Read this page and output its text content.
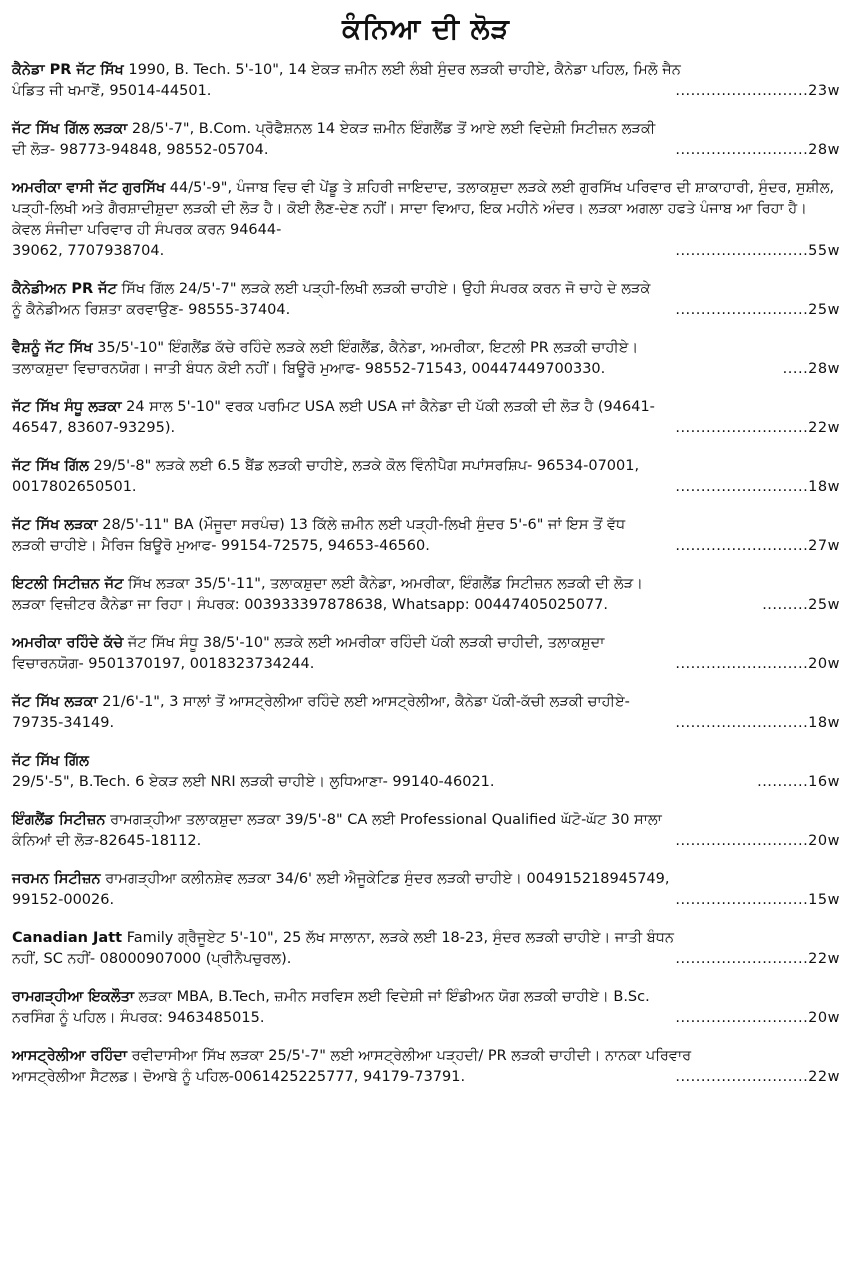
ਕੰਨਿਆ ਦੀ ਲੋੜ
ਕੈਨੇਡਾ PR ਜੱਟ ਸਿੱਖ 1990, B. Tech. 5'-10", 14 ਏਕੜ ਜ਼ਮੀਨ ਲਈ ਲੰਬੀ ਸੁੰਦਰ ਲੜਕੀ ਚਾਹੀਏ, ਕੈਨੇਡਾ ਪਹਿਲ, ਮਿਲੋ ਜੈਨ
ਪੰਡਿਤ ਜੀ ਖਮਾਣੋਂ, 95014-44501.	..........................23w
ਜੱਟ ਸਿੱਖ ਗਿੱਲ ਲੜਕਾ 28/5'-7", B.Com. ਪ੍ਰੋਫੈਸ਼ਨਲ 14 ਏਕੜ ਜ਼ਮੀਨ ਇੰਗਲੈਂਡ ਤੋਂ ਆਏ ਲਈ ਵਿਦੇਸ਼ੀ ਸਿਟੀਜ਼ਨ ਲੜਕੀ
ਦੀ ਲੋੜ- 98773-94848, 98552-05704.	..........................28w
ਅਮਰੀਕਾ ਵਾਸੀ ਜੱਟ ਗੁਰਸਿੱਖ 44/5'-9", ਪੰਜਾਬ ਵਿਚ ਵੀ ਪੇਂਡੂ ਤੇ ਸ਼ਹਿਰੀ ਜਾਇਦਾਦ, ਤਲਾਕਸ਼ੁਦਾ ਲੜਕੇ ਲਈ ਗੁਰਸਿੱਖ ਪਰਿਵਾਰ ਦੀ ਸ਼ਾਕਾਹਾਰੀ, ਸੁੰਦਰ, ਸੁਸ਼ੀਲ, ਪੜ੍ਹੀ-ਲਿਖੀ ਅਤੇ ਗੈਰਸ਼ਾਦੀਸ਼ੁਦਾ ਲੜਕੀ ਦੀ ਲੋੜ ਹੈ। ਕੋਈ ਲੈਣ-ਦੇਣ ਨਹੀਂ। ਸਾਦਾ ਵਿਆਹ, ਇਕ ਮਹੀਨੇ ਅੰਦਰ। ਲੜਕਾ ਅਗਲਾ ਹਫਤੇ ਪੰਜਾਬ ਆ ਰਿਹਾ ਹੈ। ਕੇਵਲ ਸੰਜੀਦਾ ਪਰਿਵਾਰ ਹੀ ਸੰਪਰਕ ਕਰਨ 94644-
39062, 7707938704.	..........................55w
ਕੈਨੇਡੀਅਨ PR ਜੱਟ ਸਿੱਖ ਗਿੱਲ 24/5'-7" ਲੜਕੇ ਲਈ ਪੜ੍ਹੀ-ਲਿਖੀ ਲੜਕੀ ਚਾਹੀਏ। ਉਹੀ ਸੰਪਰਕ ਕਰਨ ਜੋ ਚਾਹੇ ਦੇ ਲੜਕੇ
ਨੂੰ ਕੈਨੇਡੀਅਨ ਰਿਸ਼ਤਾ ਕਰਵਾਉਣ- 98555-37404.	..........................25w
ਵੈਸ਼ਨੂੰ ਜੱਟ ਸਿੱਖ 35/5'-10" ਇੰਗਲੈਂਡ ਕੱਚੇ ਰਹਿੰਦੇ ਲੜਕੇ ਲਈ ਇੰਗਲੈਂਡ, ਕੈਨੇਡਾ, ਅਮਰੀਕਾ, ਇਟਲੀ PR ਲੜਕੀ ਚਾਹੀਏ।
ਤਲਾਕਸ਼ੁਦਾ ਵਿਚਾਰਨਯੋਗ। ਜਾਤੀ ਬੰਧਨ ਕੋਈ ਨਹੀਂ। ਬਿਊਰੋ ਮੁਆਫ- 98552-71543, 00447449700330.	.....28w
ਜੱਟ ਸਿੱਖ ਸੰਧੂ ਲੜਕਾ 24 ਸਾਲ 5'-10" ਵਰਕ ਪਰਮਿਟ USA ਲਈ USA ਜਾਂ ਕੈਨੇਡਾ ਦੀ ਪੱਕੀ ਲੜਕੀ ਦੀ ਲੋੜ ਹੈ (94641-
46547, 83607-93295).	..........................22w
ਜੱਟ ਸਿੱਖ ਗਿੱਲ 29/5'-8" ਲੜਕੇ ਲਈ 6.5 ਬੈਂਡ ਲੜਕੀ ਚਾਹੀਏ, ਲੜਕੇ ਕੋਲ ਵਿੰਨੀਪੈਗ ਸਪਾਂਸਰਸ਼ਿਪ- 96534-07001,
0017802650501.	..........................18w
ਜੱਟ ਸਿੱਖ ਲੜਕਾ 28/5'-11" BA (ਮੌਜੂਦਾ ਸਰਪੰਚ) 13 ਕਿੱਲੇ ਜ਼ਮੀਨ ਲਈ ਪੜ੍ਹੀ-ਲਿਖੀ ਸੁੰਦਰ 5'-6" ਜਾਂ ਇਸ ਤੋਂ ਵੱਧ
ਲੜਕੀ ਚਾਹੀਏ। ਮੈਰਿਜ ਬਿਊਰੋ ਮੁਆਫ- 99154-72575, 94653-46560.	..........................27w
ਇਟਲੀ ਸਿਟੀਜ਼ਨ ਜੱਟ ਸਿੱਖ ਲੜਕਾ 35/5'-11", ਤਲਾਕਸ਼ੁਦਾ ਲਈ ਕੈਨੇਡਾ, ਅਮਰੀਕਾ, ਇੰਗਲੈਂਡ ਸਿਟੀਜ਼ਨ ਲੜਕੀ ਦੀ ਲੋੜ।
ਲੜਕਾ ਵਿਜ਼ੀਟਰ ਕੈਨੇਡਾ ਜਾ ਰਿਹਾ। ਸੰਪਰਕ: 003933397878638, Whatsapp: 00447405025077.	.........25w
ਅਮਰੀਕਾ ਰਹਿੰਦੇ ਕੱਚੇ ਜੱਟ ਸਿੱਖ ਸੰਧੂ 38/5'-10" ਲੜਕੇ ਲਈ ਅਮਰੀਕਾ ਰਹਿੰਦੀ ਪੱਕੀ ਲੜਕੀ ਚਾਹੀਦੀ, ਤਲਾਕਸ਼ੁਦਾ
ਵਿਚਾਰਨਯੋਗ- 9501370197, 0018323734244.	..........................20w
ਜੱਟ ਸਿੱਖ ਲੜਕਾ 21/6'-1", 3 ਸਾਲਾਂ ਤੋਂ ਆਸਟ੍ਰੇਲੀਆ ਰਹਿੰਦੇ ਲਈ ਆਸਟ੍ਰੇਲੀਆ, ਕੈਨੇਡਾ ਪੱਕੀ-ਕੱਚੀ ਲੜਕੀ ਚਾਹੀਏ-
79735-34149.	..........................18w
ਜੱਟ ਸਿੱਖ ਗਿੱਲ
29/5'-5", B.Tech. 6 ਏਕੜ ਲਈ NRI ਲੜਕੀ ਚਾਹੀਏ। ਲੁਧਿਆਣਾ- 99140-46021.	..........16w
ਇੰਗਲੈਂਡ ਸਿਟੀਜ਼ਨ ਰਾਮਗੜ੍ਹੀਆ ਤਲਾਕਸ਼ੁਦਾ ਲੜਕਾ 39/5'-8" CA ਲਈ Professional Qualified ਘੱਟੋ-ਘੱਟ 30 ਸਾਲਾ
ਕੰਨਿਆਂ ਦੀ ਲੋੜ-82645-18112.	..........................20w
ਜਰਮਨ ਸਿਟੀਜ਼ਨ ਰਾਮਗੜ੍ਹੀਆ ਕਲੀਨਸ਼ੇਵ ਲੜਕਾ 34/6' ਲਈ ਐਜੂਕੇਟਿਡ ਸੁੰਦਰ ਲੜਕੀ ਚਾਹੀਏ। 004915218945749,
99152-00026.	..........................15w
Canadian Jatt Family ਗ੍ਰੈਜੂਏਟ 5'-10", 25 ਲੱਖ ਸਾਲਾਨਾ, ਲੜਕੇ ਲਈ 18-23, ਸੁੰਦਰ ਲੜਕੀ ਚਾਹੀਏ। ਜਾਤੀ ਬੰਧਨ
ਨਹੀਂ, SC ਨਹੀਂ- 08000907000 (ਪ੍ਰੀਨੈਪਚੁਰਲ).	..........................22w
ਰਾਮਗੜ੍ਹੀਆ ਇਕਲੌਤਾ ਲੜਕਾ MBA, B.Tech, ਜ਼ਮੀਨ ਸਰਵਿਸ ਲਈ ਵਿਦੇਸ਼ੀ ਜਾਂ ਇੰਡੀਅਨ ਯੋਗ ਲੜਕੀ ਚਾਹੀਏ। B.Sc.
ਨਰਸਿੰਗ ਨੂੰ ਪਹਿਲ। ਸੰਪਰਕ: 9463485015.	..........................20w
ਆਸਟ੍ਰੇਲੀਆ ਰਹਿੰਦਾ ਰਵੀਦਾਸੀਆ ਸਿੱਖ ਲੜਕਾ 25/5'-7" ਲਈ ਆਸਟ੍ਰੇਲੀਆ ਪੜ੍ਹਦੀ/ PR ਲੜਕੀ ਚਾਹੀਦੀ। ਨਾਨਕਾ ਪਰਿਵਾਰ
ਆਸਟ੍ਰੇਲੀਆ ਸੈਟਲਡ। ਦੋਆਬੇ ਨੂੰ ਪਹਿਲ-0061425225777, 94179-73791.	..........................22w
